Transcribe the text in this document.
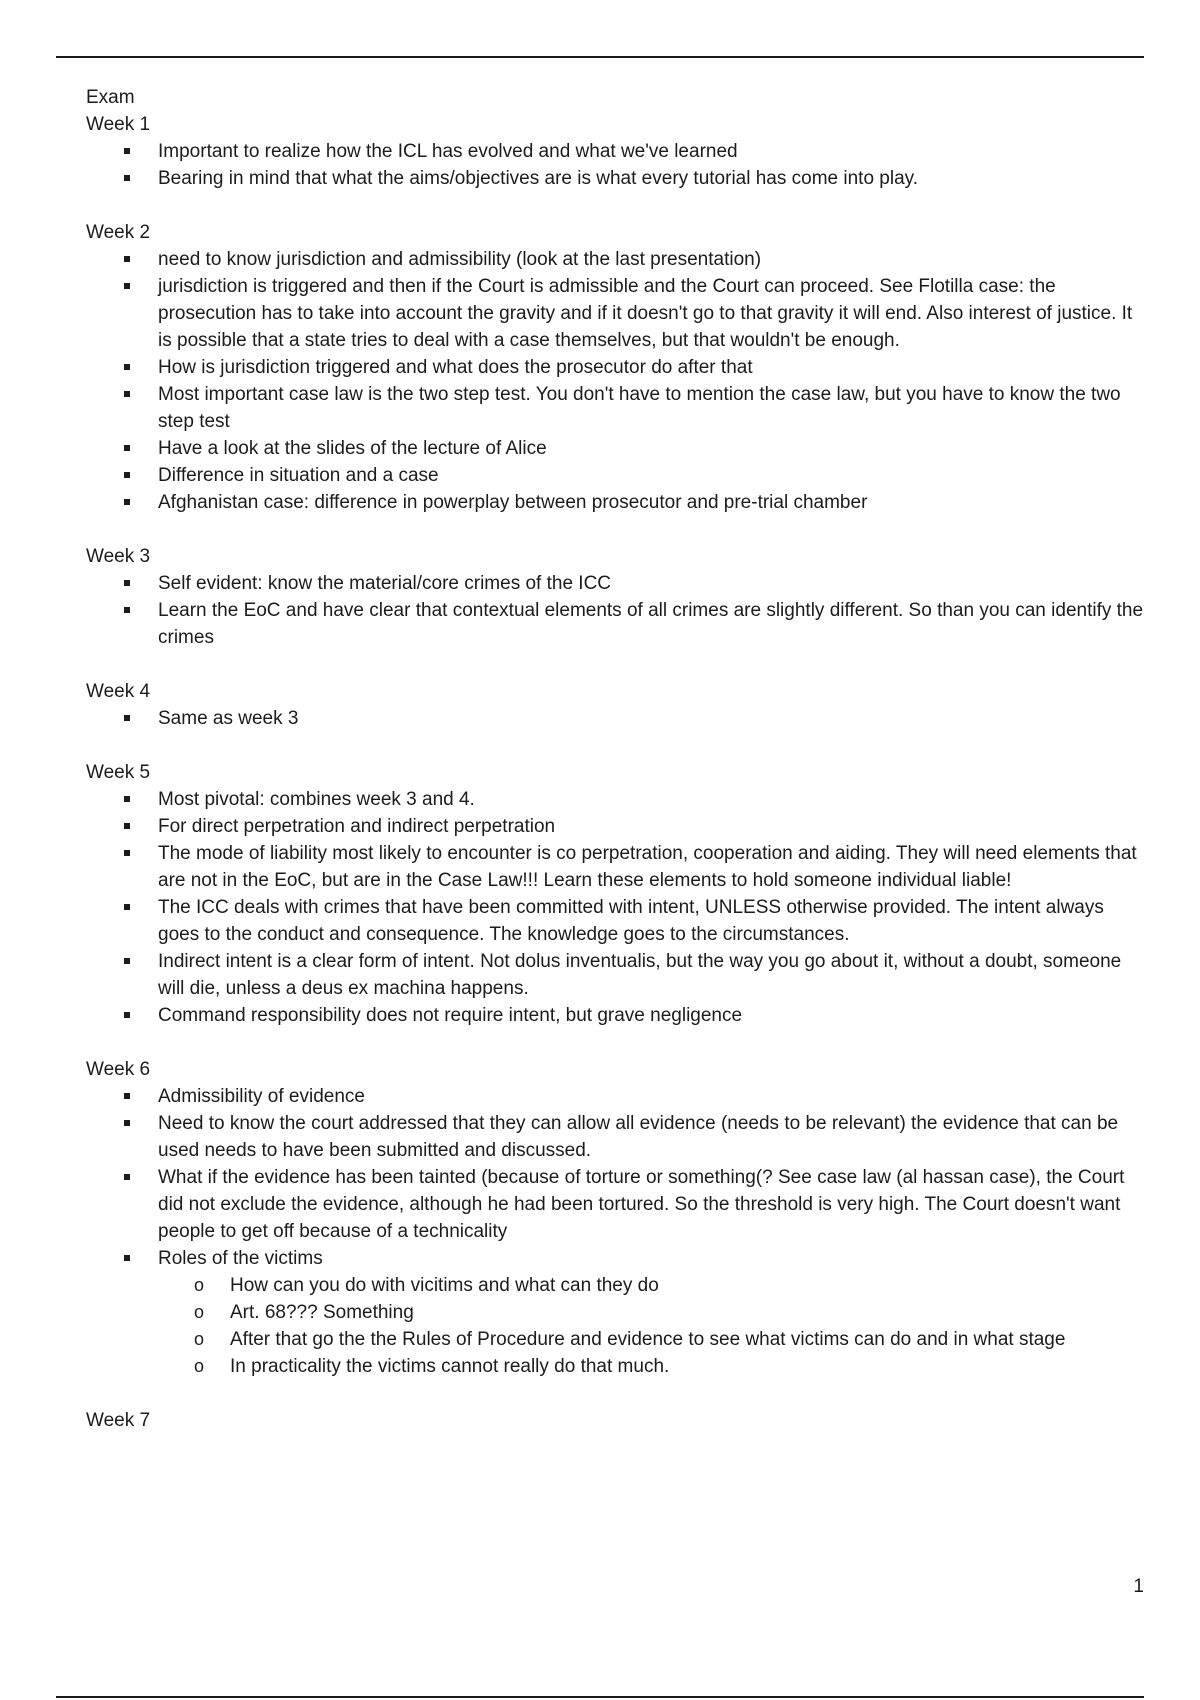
Exam

Week 1

Important to realize how the ICL has evolved and what we've learned
Bearing in mind that what the aims/objectives are is what every tutorial has come into play.

Week 2

need to know jurisdiction and admissibility (look at the last presentation)
jurisdiction is triggered and then if the Court is admissible and the Court can proceed. See Flotilla case: the prosecution has to take into account the gravity and if it doesn't go to that gravity it will end. Also interest of justice. It is possible that a state tries to deal with a case themselves, but that wouldn't be enough.
How is jurisdiction triggered and what does the prosecutor do after that
Most important case law is the two step test. You don't have to mention the case law, but you have to know the two step test
Have a look at the slides of the lecture of Alice
Difference in situation and a case
Afghanistan case: difference in powerplay between prosecutor and pre-trial chamber

Week 3

Self evident: know the material/core crimes of the ICC
Learn the EoC and have clear that contextual elements of all crimes are slightly different. So than you can identify the crimes

Week 4

Same as week 3

Week 5

Most pivotal: combines week 3 and 4.
For direct perpetration and indirect perpetration
The mode of liability most likely to encounter is co perpetration, cooperation and aiding. They will need elements that are not in the EoC, but are in the Case Law!!! Learn these elements to hold someone individual liable!
The ICC deals with crimes that have been committed with intent, UNLESS otherwise provided. The intent always goes to the conduct and consequence. The knowledge goes to the circumstances.
Indirect intent is a clear form of intent. Not dolus inventualis, but the way you go about it, without a doubt, someone will die, unless a deus ex machina happens.
Command responsibility does not require intent, but grave negligence

Week 6

Admissibility of evidence
Need to know the court addressed that they can allow all evidence (needs to be relevant) the evidence that can be used needs to have been submitted and discussed.
What if the evidence has been tainted (because of torture or something(? See case law (al hassan case), the Court did not exclude the evidence, although he had been tortured. So the threshold is very high. The Court doesn't want people to get off because of a technicality
Roles of the victims
o How can you do with vicitims and what can they do
o Art. 68??? Something
o After that go the the Rules of Procedure and evidence to see what victims can do and in what stage
o In practicality the victims cannot really do that much.

Week 7

1
